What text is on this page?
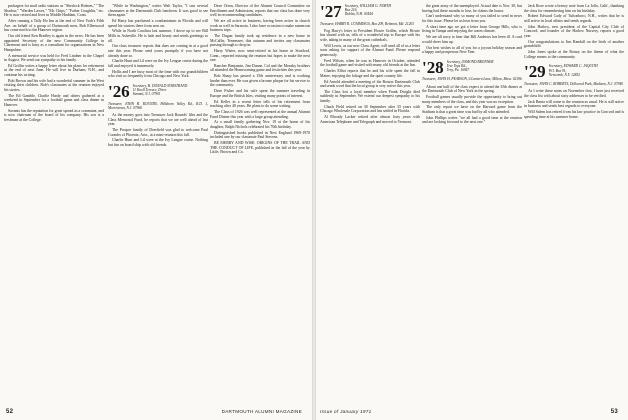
packagers for mail radio stations as "Sherlock Holmes," "The Shadow," "Warden Lawes," "Mr. Chips," "Father Coughlin," etc. He is now retired and lives in Middle Haddam, Conn.

After running a Tally Ho Inn at the end of New York's Fifth Ave. on behalf of a group of Dartmouth men, Bob Ellenwood has come north to the Hanover region.

Our old friend Ken Bradley is again in the news. He has been appointed Secretary of the new Community College in Claremont and is busy as a consultant for organizations in New Hampshire.

A memorial service was held for Fred Lindner in the Chapel in August. We send our sympathy to his family.

Ed Griffin writes a happy letter about his plans for retirement at the end of next June. He will live in Durham, N.H., and continue his writing.

Bob Brown and his wife had a wonderful summer in the West visiting their children. Bob's classmates at the reunion enjoyed his stories.

The Ed Gamble, Charlie Hardy and others gathered at a weekend in September for a football game and class dinner in Hanover.

Savants has the reputation for great spread as a commuter, and is now chairman of the board of his company. His son is a freshman at the College.

"While in Washington," writes Walt Taylor, "I saw several classmates at the Dartmouth Club luncheon. It was good to see them again."

Ed Harty has purchased a condominium in Florida and will spend his winters there from now on.

While in North Carolina last summer, I drove up to see Bill Mills in Asheville. He is hale and hearty and sends greetings to all.

Our class treasurer reports that dues are coming in at a good rate this year. Please send yours promptly if you have not already done so.

Charlie Hunt and Lil were on the Ivy League cruise during the fall and enjoyed it immensely.

Hollis and I are busy most of the time with our grandchildren who visit us frequently from Chicago and New York.

'26 Secretary, H. DONALD NORSTRAND
11 Knoll Terrace, Drive
Summit, N.J. 07901
Treasurer, JOHN H. ROUNDS, Hillsboro Valley Rd., R.D. 1, Morristown, N.J. 07960

As the money goes into Treasurer Jack Rounds' files and the Class Memorial Fund, he reports that we are well ahead of last year.

The Prosper family of Deerfield was glad to welcome Paul Coombs of Phoenix, Ariz., at a mini-reunion this fall.

Charlie Hunt and Lil were at the Ivy League cruise. Nothing but fun on board ship with old friends.

Dave Orton, Director of the Alumni Council Committee on Enrollment and Admissions, reports that our class has done very well in recommending candidates.

We are all active in business, having been active in church work as well in Sarasota. I also have occasion to make numerous business trips.

The Dugan family took up residence in a new home in McCallie, Tennessee, this autumn and invites any classmates passing through to drop in.

Harry Wister, now semi-retired in his home in Stratford, Conn., reported missing the reunion but hopes to make the next one.

Rancher Benjamin, Jim Dunne, Cal and the Monsky brothers all attended the Homecoming game and festivities this year.

Bob Sharp has passed a 15th anniversary and is working harder than ever. He was given a bronze plaque for his service to the community.

Dave Fisher and his wife spent the summer traveling in Europe and the British Isles, visiting many points of interest.

Ed Keller in a recent letter tells of his retirement from teaching after 40 years. He plans to do some writing.

The Class of 1926 was well represented at the annual Alumni Fund Dinner this year with a large group attending.

At a small family gathering Nov. 19 at the home of his daughter, Ralph Nichols celebrated his 70th birthday.

Distinguished books published in New England 1969-1970 included one by our classmate Paul Stevens.

BE MERRY AND WISE: ORIGINS OF THE TRAIL AND THE CONDUCT OF LIFE, published in the fall of the year by Little, Brown and Co.

52	DARTMOUTH ALUMNI MAGAZINE
'27 Secretary, WILLIAM G. NORTH
Box 216,
Dublin, N.H. 03444
Treasurer, HARRY R. CUMMINGS, Box 209, Belmont, Md. 21203

Fog Harry's letter to President Howie Griffin, which Howie has shared with us, tells of a wonderful trip to Europe with his wife, taking in many of the great cathedrals.

Will Lewis, as our new Class Agent, will send all of us a letter soon asking for support of the Alumni Fund. Please respond generously.

Fred Wilson, when he was in Hanover in October, attended the football game and visited with many old friends at the Inn.

Charles Elliot reports that he and his wife spent the fall in Maine, enjoying the foliage and the quiet country life.

Ed Arnold attended a meeting of the Boston Dartmouth Club and sends word that the local group is very active this year.

The Class lost a loyal member when Frank Dwight died suddenly in September. We extend our deepest sympathy to his family.

Chuck Field retired on 30 September after 35 years with Chicago Wholesale Corporation and has settled in Florida.

Al Rhoudy Lacker retired after almost forty years with American Telephone and Telegraph and moved to Vermont.

the great army of the unemployed. Actual date is Nov. 30, but having had these months to lose, he claims the honor.

Can't understand why so many of you failed to send in news for this issue. Please let us hear from you.

A short time ago we got a letter from George Hills, who is living in Tampa and enjoying the warm climate.

We are all sorry to hear that Bill Andrews has been ill. A card would cheer him up.

Our best wishes to all of you for a joyous holiday season and a happy and prosperous New Year.

'28 Secretary, OSMOND BRONNER
Tree Tops Rd.,
Troy, Pa. 16947
Treasurer, JOHN H. PEARSON, 6 Lantern Lane, Milton, Mass. 02186

About one half of the class expect to attend the 35th dinner at the Dartmouth Club of New York in the spring.

Football games usually provide the opportunity to bring out many members of the class, and this year was no exception.

The only report we have on the Harvard game from the Stadium is that a great time was had by all who attended.

John Phillips writes "we all had a good time at the reunion and are looking forward to the next one."

Jack Rose wrote a breezy note from La Jolla, Calif., thanking the class for remembering him on his birthday.

Robert Edward Cady of Tuftonboro, N.H., writes that he is still active in local affairs and sends regards.

John Harlow, new president of the Capital City Club of Concord, and founder of the Harlow Nursery, reports a good year.

Our congratulations to Jim Randall on the birth of another grandchild.

John Jones spoke at the Rotary on the theme of what the College means to the community.

'29 Secretary, EDWARD C. JAQUITH
P.O. Box 91,
Newcomb, N.Y. 12852
Treasurer, JOHN C. ROBERTS, Dellwood Park, Madison, N.J. 07940

As I write these notes on November first, I have just received the class list with about sixty addresses to be verified.

Jack Banta will come to the reunion as usual. He is still active in business and sends best regards to everyone.

Will Salem has retired from his law practice in Concord and is spending time at his summer home.

Issue of January 1971	53
